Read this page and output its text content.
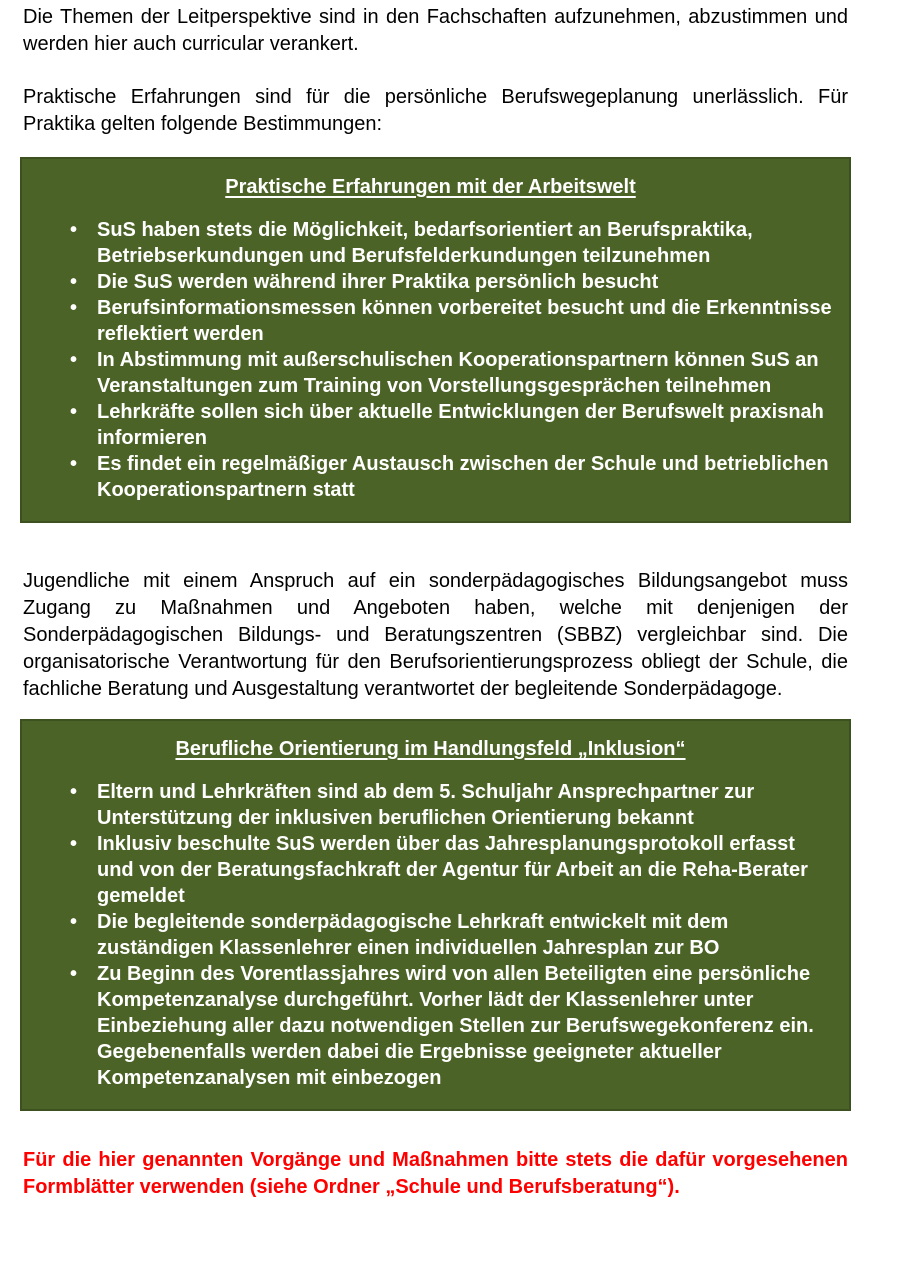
Die Themen der Leitperspektive sind in den Fachschaften aufzunehmen, abzustimmen und werden hier auch curricular verankert.

Praktische Erfahrungen sind für die persönliche Berufswegeplanung unerlässlich. Für Praktika gelten folgende Bestimmungen:

Praktische Erfahrungen mit der Arbeitswelt
• SuS haben stets die Möglichkeit, bedarfsorientiert an Berufspraktika, Betriebserkundungen und Berufsfelderkundungen teilzunehmen
• Die SuS werden während ihrer Praktika persönlich besucht
• Berufsinformationsmessen können vorbereitet besucht und die Erkenntnisse reflektiert werden
• In Abstimmung mit außerschulischen Kooperationspartnern können SuS an Veranstaltungen zum Training von Vorstellungsgesprächen teilnehmen
• Lehrkräfte sollen sich über aktuelle Entwicklungen der Berufswelt praxisnah informieren
• Es findet ein regelmäßiger Austausch zwischen der Schule und betrieblichen Kooperationspartnern statt

Jugendliche mit einem Anspruch auf ein sonderpädagogisches Bildungsangebot muss Zugang zu Maßnahmen und Angeboten haben, welche mit denjenigen der Sonderpädagogischen Bildungs- und Beratungszentren (SBBZ) vergleichbar sind. Die organisatorische Verantwortung für den Berufsorientierungsprozess obliegt der Schule, die fachliche Beratung und Ausgestaltung verantwortet der begleitende Sonderpädagoge.

Berufliche Orientierung im Handlungsfeld „Inklusion“
• Eltern und Lehrkräften sind ab dem 5. Schuljahr Ansprechpartner zur Unterstützung der inklusiven beruflichen Orientierung bekannt
• Inklusiv beschulte SuS werden über das Jahresplanungsprotokoll erfasst und von der Beratungsfachkraft der Agentur für Arbeit an die Reha-Berater gemeldet
• Die begleitende sonderpädagogische Lehrkraft entwickelt mit dem zuständigen Klassenlehrer einen individuellen Jahresplan zur BO
• Zu Beginn des Vorentlassjahres wird von allen Beteiligten eine persönliche Kompetenzanalyse durchgeführt. Vorher lädt der Klassenlehrer unter Einbeziehung aller dazu notwendigen Stellen zur Berufswegekonferenz ein. Gegebenenfalls werden dabei die Ergebnisse geeigneter aktueller Kompetenzanalysen mit einbezogen

Für die hier genannten Vorgänge und Maßnahmen bitte stets die dafür vorgesehenen Formblätter verwenden (siehe Ordner „Schule und Berufsberatung“).
